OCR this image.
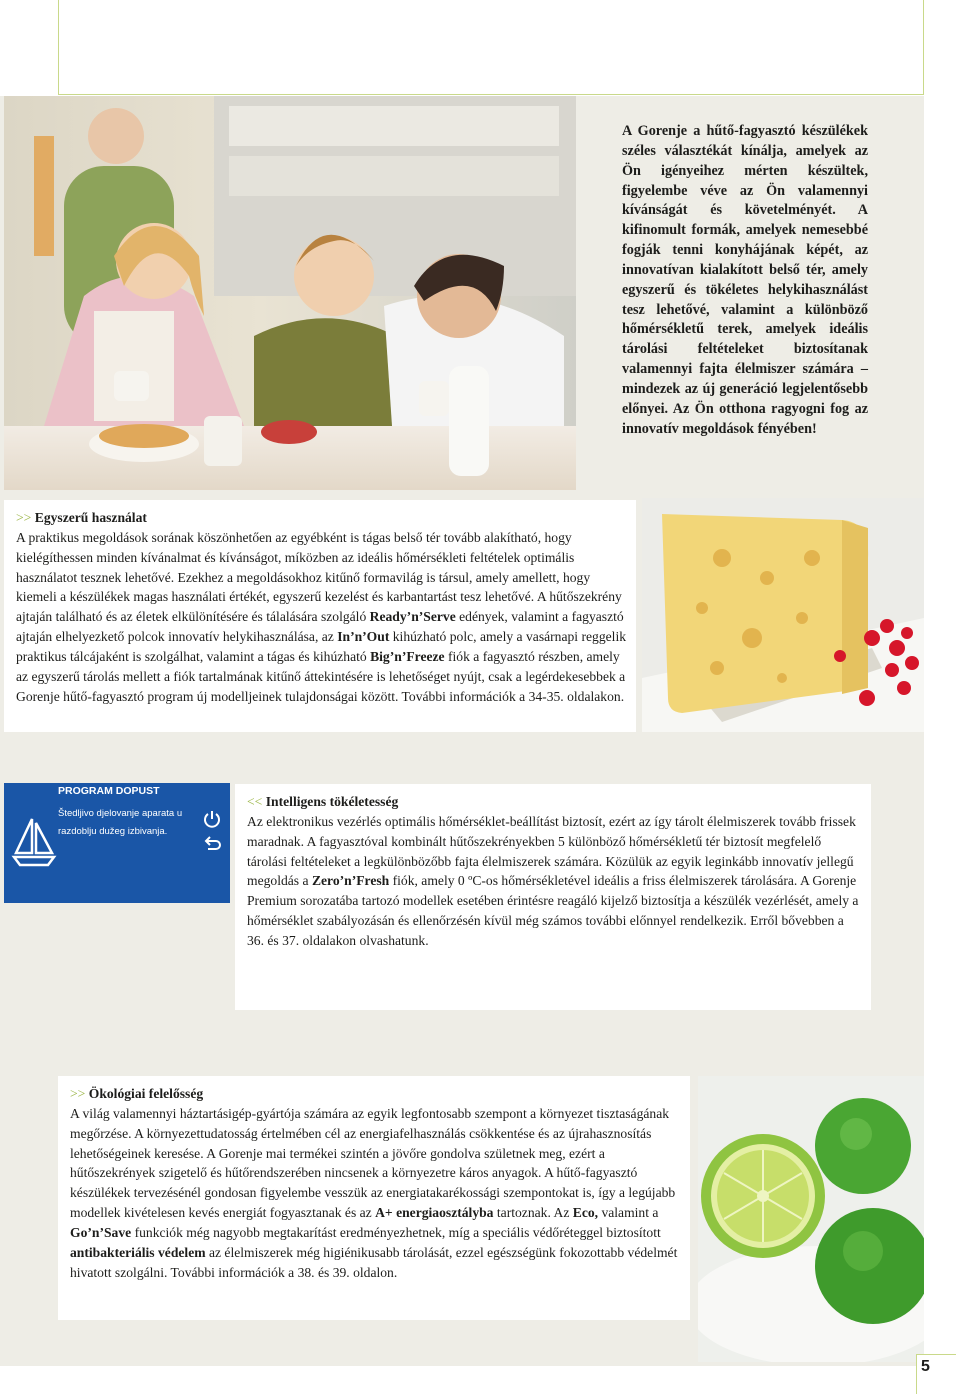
A Gorenje a hűtő-fagyasztó készülékek széles választékát kínálja, amelyek az Ön igényeihez mérten készültek, figyelembe véve az Ön valamennyi kívánságát és követelményét. A kifinomult formák, amelyek nemesebbé fogják tenni konyhájának képét, az innovatívan kialakított belső tér, amely egyszerű és tökéletes helykihasználást tesz lehetővé, valamint a különböző hőmérsékletű terek, amelyek ideális tárolási feltételeket biztosítanak valamennyi fajta élelmiszer számára – mindezek az új generáció legjelentősebb előnyei. Az Ön otthona ragyogni fog az innovatív megoldások fényében!

>> Egyszerű használat
A praktikus megoldások sorának köszönhetően az egyébként is tágas belső tér tovább alakítható, hogy kielégíthessen minden kívánalmat és kívánságot, míközben az ideális hőmérsékleti feltételek optimális használatot tesznek lehetővé. Ezekhez a megoldásokhoz kitűnő formavilág is társul, amely amellett, hogy kiemeli a készülékek magas használati értékét, egyszerű kezelést és karbantartást tesz lehetővé. A hűtőszekrény ajtaján található és az életek elkülönítésére és tálalására szolgáló Ready’n’Serve edények, valamint a fagyasztó ajtaján elhelyezkető polcok innovatív helykihasználása, az In’n’Out kihúzható polc, amely a vasárnapi reggelik praktikus tálcájaként is szolgálhat, valamint a tágas és kihúzható Big’n’Freeze fiók a fagyasztó részben, amely az egyszerű tárolás mellett a fiók tartalmának kitűnő áttekintésére is lehetőséget nyújt, csak a legérdekesebbek a Gorenje hűtő-fagyasztó program új modelljeinek tulajdonságai között. További információk a 34-35. oldalakon.

PROGRAM DOPUST
Štedljivo djelovanje aparata u
razdoblju dužeg izbivanja.

<< Intelligens tökéletesség
Az elektronikus vezérlés optimális hőmérséklet-beállítást biztosít, ezért az így tárolt élelmiszerek tovább frissek maradnak. A fagyasztóval kombinált hűtőszekrényekben 5 különböző hőmérsékletű tér biztosít megfelelő tárolási feltételeket a legkülönbözőbb fajta élelmiszerek számára. Közülük az egyik leginkább innovatív jellegű megoldás a Zero’n’Fresh fiók, amely 0 ºC-os hőmérsékletével ideális a friss élelmiszerek tárolására. A Gorenje Premium sorozatába tartozó modellek esetében érintésre reagáló kijelző biztosítja a készülék vezérlését, amely a hőmérséklet szabályozásán és ellenőrzésén kívül még számos további előnnyel rendelkezik. Erről bővebben a 36. és 37. oldalakon olvashatunk.

>> Ökológiai felelősség
A világ valamennyi háztartásigép-gyártója számára az egyik legfontosabb szempont a környezet tisztaságának megőrzése. A környezettudatosság értelmében cél az energiafelhasználás csökkentése és az újrahasznosítás lehetőségeinek keresése. A Gorenje mai termékei szintén a jövőre gondolva születnek meg, ezért a hűtőszekrények szigetelő és hűtőrendszerében nincsenek a környezetre káros anyagok. A hűtő-fagyasztó készülékek tervezésénél gondosan figyelembe vesszük az energiatakarékossági szempontokat is, így a legújabb modellek kivételesen kevés energiát fogyasztanak és az A+ energiaosztályba tartoznak. Az Eco, valamint a Go’n’Save funkciók még nagyobb megtakarítást eredményezhetnek, míg a speciális védőréteggel biztosított antibakteriális védelem az élelmiszerek még higiénikusabb tárolását, ezzel egészségünk fokozottabb védelmét hivatott szolgálni. További információk a 38. és 39. oldalon.

5
